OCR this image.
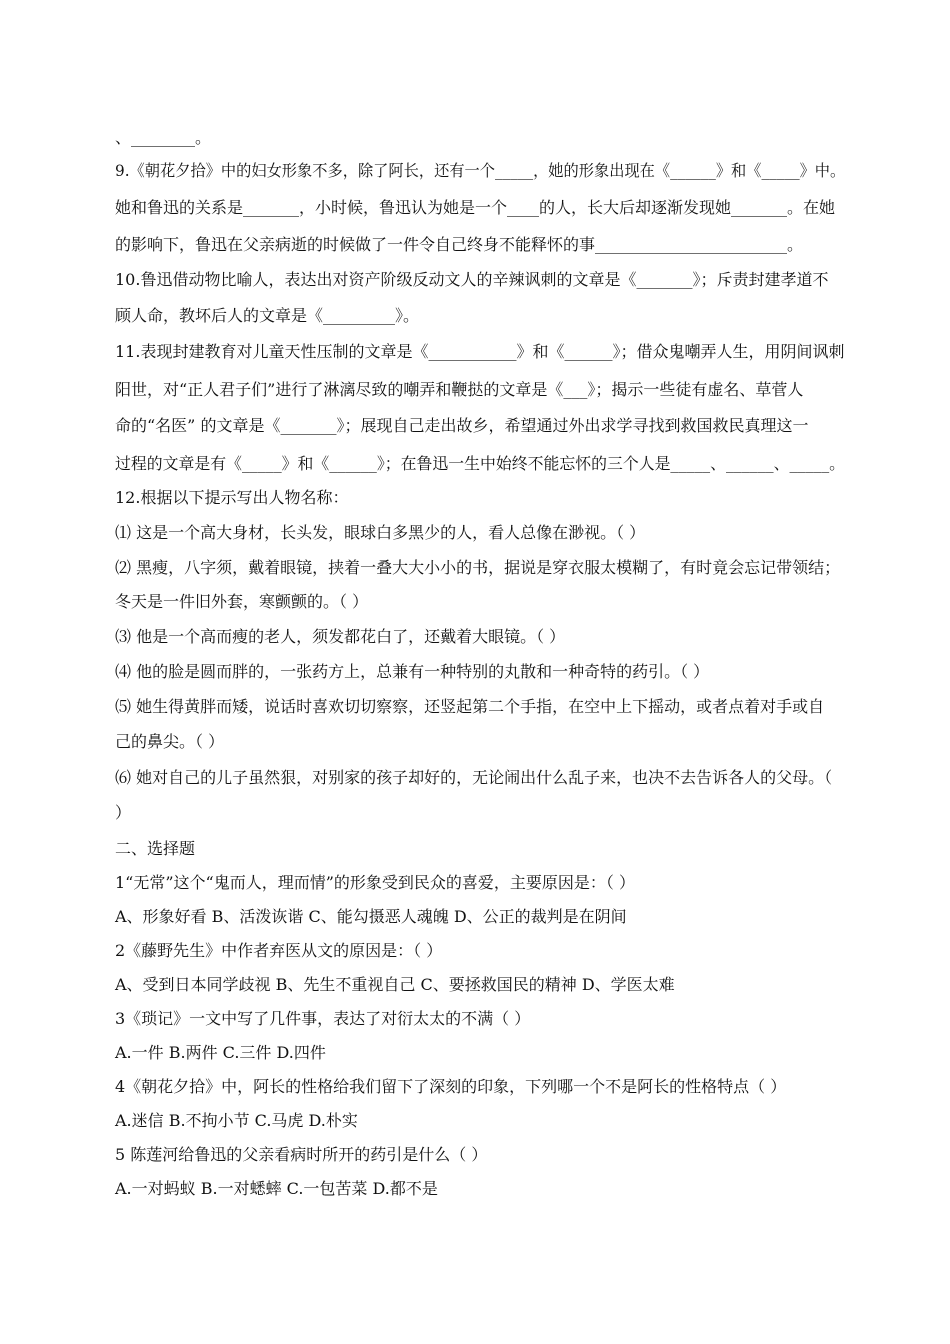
、________。
9.《朝花夕拾》中的妇女形象不多，除了阿长，还有一个_____，她的形象出现在《______》和《_____》中。
她和鲁迅的关系是_______，小时候，鲁迅认为她是一个____的人，长大后却逐渐发现她_______。在她
的影响下，鲁迅在父亲病逝的时候做了一件令自己终身不能释怀的事________________________。
10.鲁迅借动物比喻人，表达出对资产阶级反动文人的辛辣讽刺的文章是《_______》；斥责封建孝道不
顾人命，教坏后人的文章是《_________》。
11.表现封建教育对儿童天性压制的文章是《___________》和《______》；借众鬼嘲弄人生，用阴间讽刺
阳世，对“正人君子们”进行了淋漓尽致的嘲弄和鞭挞的文章是《___》；揭示一些徒有虚名、草菅人
命的“名医” 的文章是《_______》；展现自己走出故乡，希望通过外出求学寻找到救国救民真理这一
过程的文章是有《_____》和《______》；在鲁迅一生中始终不能忘怀的三个人是_____、______、_____。
12.根据以下提示写出人物名称：
⑴ 这是一个高大身材，长头发，眼球白多黑少的人，看人总像在渺视。（ ）
⑵ 黑瘦，八字须，戴着眼镜，挟着一叠大大小小的书，据说是穿衣服太模糊了，有时竟会忘记带领结；
冬天是一件旧外套，寒颤颤的。（ ）
⑶ 他是一个高而瘦的老人，须发都花白了，还戴着大眼镜。（ ）
⑷ 他的脸是圆而胖的，一张药方上，总兼有一种特别的丸散和一种奇特的药引。（ ）
⑸ 她生得黄胖而矮，说话时喜欢切切察察，还竖起第二个手指，在空中上下摇动，或者点着对手或自
己的鼻尖。（ ）
⑹ 她对自己的儿子虽然狠，对别家的孩子却好的，无论闹出什么乱子来，也决不去告诉各人的父母。（
）
二、选择题
1“无常”这个“鬼而人，理而情”的形象受到民众的喜爱，主要原因是：（ ）
A、形象好看 B、活泼诙谐 C、能勾摄恶人魂魄 D、公正的裁判是在阴间
2《藤野先生》中作者弃医从文的原因是：（ ）
A、受到日本同学歧视 B、先生不重视自己 C、要拯救国民的精神 D、学医太难
3《琐记》一文中写了几件事，表达了对衍太太的不满（ ）
A.一件 B.两件 C.三件 D.四件
4《朝花夕拾》中，阿长的性格给我们留下了深刻的印象，下列哪一个不是阿长的性格特点（ ）
A.迷信 B.不拘小节 C.马虎 D.朴实
5 陈莲河给鲁迅的父亲看病时所开的药引是什么（ ）
A.一对蚂蚁 B.一对蟋蟀 C.一包苦菜 D.都不是
